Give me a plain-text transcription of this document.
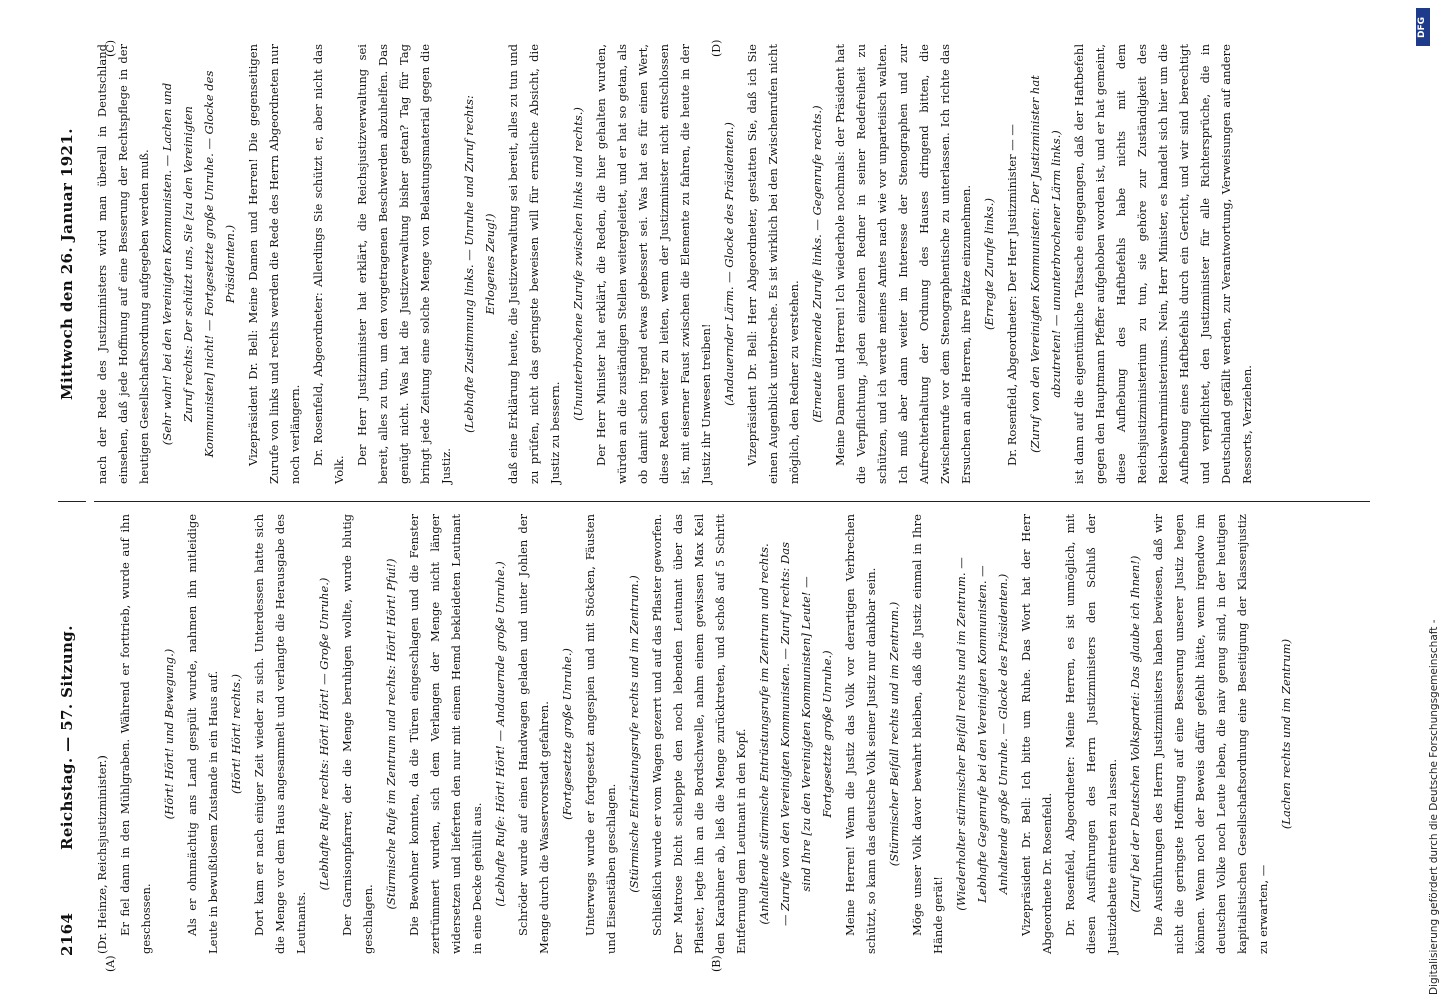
2164
Reichstag. — 57. Sitzung.
Mittwoch den 26. Januar 1921.
(A)	(B)
(C)	(D)

(Dr. Heinze, Reichsjustizminister.) Er fiel dann in den Mühlgraben. Während er forttrieb, wurde auf ihn geschossen.

(Hört! Hört! und Bewegung.) Als er ohnmächtig ans Land gespült wurde, nahmen ihn mitleidige Leute in bewußtlosem Zustande in ein Haus auf. (Hört! Hört! rechts.) Dort kam er nach einiger Zeit wieder zu sich. Unterdessen hatte sich die Menge vor dem Haus angesammelt und verlangte die Herausgabe des Leutnants.

(Lebhafte Rufe rechts: Hört! Hört! — Große Unruhe.) Der Garnisonpfarrer, der die Menge beruhigen wollte, wurde blutig geschlagen.

(Stürmische Rufe im Zentrum und rechts: Hört! Hört! Pfui!) Die Bewohner konnten, da die Türen eingeschlagen und die Fenster zertrümmert wurden, sich dem Verlangen der Menge nicht länger widersetzen und lieferten den nur mit einem Hemd bekleideten Leutnant in eine Decke gehüllt aus. (Lebhafte Rufe: Hört! Hört! — Andauernde große Unruhe.) Schröder wurde auf einen Handwagen geladen und unter Johlen der Menge durch die Wasservorstadt gefahren. (Fortgesetzte große Unruhe.) Unterwegs wurde er fortgesetzt angespien und mit Stöcken, Fäusten und Eisenstäben geschlagen. (Stürmische Entrüstungsrufe rechts und im Zentrum.) Schließlich wurde er vom Wagen gezerrt und auf das Pflaster geworfen. Der Matrose Dicht schleppte den noch lebenden Leutnant über das Pflaster, legte ihn an die Bordschwelle, nahm einem gewissen Max Keil den Karabiner ab, ließ die Menge zurücktreten, und schoß auf 5 Schritt Entfernung dem Leutnant in den Kopf. (Anhaltende stürmische Entrüstungsrufe im Zentrum und rechts. — Zurufe von den Vereinigten Kommunisten. — Zuruf rechts: Das sind Ihre [zu den Vereinigten Kommunisten] Leute! — Fortgesetzte große Unruhe.) Meine Herren! Wenn die Justiz das Volk vor derartigen Verbrechen schützt, so kann das deutsche Volk seiner Justiz nur dankbar sein. (Stürmischer Beifall rechts und im Zentrum.) Möge unser Volk davor bewahrt bleiben, daß die Justiz einmal in Ihre Hände gerät!

(Wiederholter stürmischer Beifall rechts und im Zentrum. — Lebhafte Gegenrufe bei den Vereinigten Kommunisten. — Anhaltende große Unruhe. — Glocke des Präsidenten.) Vizepräsident Dr. Bell: Ich bitte um Ruhe. Das Wort hat der Herr Abgeordnete Dr. Rosenfeld. Dr. Rosenfeld, Abgeordneter: Meine Herren, es ist unmöglich, mit diesen Ausführungen des Herrn Justizministers den Schluß der Justizdebatte eintreten zu lassen. (Zuruf bei der Deutschen Volkspartei: Das glaube ich Ihnen!) Die Ausführungen des Herrn Justizministers haben bewiesen, daß wir nicht die geringste Hoffnung auf eine Besserung unserer Justiz hegen können. Wenn noch der Beweis dafür gefehlt hätte, wenn irgendwo im deutschen Volke noch Leute leben, die naiv genug sind, in der heutigen kapitalistischen Gesellschaftsordnung eine Beseitigung der Klassenjustiz zu erwarten, —

(Lachen rechts und im Zentrum)

nach der Rede des Justizministers wird man überall in Deutschland einsehen, daß jede Hoffnung auf eine Besserung der Rechtspflege in der heutigen Gesellschaftsordnung aufgegeben werden muß. (Sehr wahr! bei den Vereinigten Kommunisten. — Lachen und Zuruf rechts: Der schützt uns, Sie [zu den Vereinigten Kommunisten] nicht! — Fortgesetzte große Unruhe. — Glocke des Präsidenten.) Vizepräsident Dr. Bell: Meine Damen und Herren! Die gegenseitigen Zurufe von links und rechts werden die Rede des Herrn Abgeordneten nur noch verlängern. Dr. Rosenfeld, Abgeordneter: Allerdings Sie schützt er, aber nicht das Volk.

Der Herr Justizminister hat erklärt, die Reichsjustizverwaltung sei bereit, alles zu tun, um den vorgetragenen Beschwerden abzuhelfen. Das genügt nicht. Was hat die Justizverwaltung bisher getan? Tag für Tag bringt jede Zeitung eine solche Menge von Belastungsmaterial gegen die Justiz.

(Lebhafte Zustimmung links. — Unruhe und Zuruf rechts: Erlogenes Zeug!) daß eine Erklärung heute, die Justizverwaltung sei bereit, alles zu tun und zu prüfen, nicht das geringste beweisen will für ernstliche Absicht, die Justiz zu bessern.

(Ununterbrochene Zurufe zwischen links und rechts.) Der Herr Minister hat erklärt, die Reden, die hier gehalten wurden, würden an die zuständigen Stellen weitergeleitet, und er hat so getan, als ob damit schon irgend etwas gebessert sei. Was hat es für einen Wert, diese Reden weiter zu leiten, wenn der Justizminister nicht entschlossen ist, mit eiserner Faust zwischen die Elemente zu fahren, die heute in der Justiz ihr Unwesen treiben! (Andauernder Lärm. — Glocke des Präsidenten.) Vizepräsident Dr. Bell: Herr Abgeordneter, gestatten Sie, daß ich Sie einen Augenblick unterbreche. Es ist wirklich bei den Zwischenrufen nicht möglich, den Redner zu verstehen. (Erneute lärmende Zurufe links. — Gegenrufe rechts.) Meine Damen und Herren! Ich wiederhole nochmals: der Präsident hat die Verpflichtung, jeden einzelnen Redner in seiner Redefreiheit zu schützen, und ich werde meines Amtes nach wie vor unparteiisch walten. Ich muß aber dann weiter im Interesse der Stenographen und zur Aufrechterhaltung der Ordnung des Hauses dringend bitten, die Zwischenrufe vor dem Stenographentische zu unterlassen. Ich richte das Ersuchen an alle Herren, ihre Plätze einzunehmen. (Erregte Zurufe links.) Dr. Rosenfeld, Abgeordneter: Der Herr Justizminister — — (Zuruf von den Vereinigten Kommunisten: Der Justizminister hat abzutreten! — ununterbrochener Lärm links.) ist dann auf die eigentümliche Tatsache eingegangen, daß der Haftbefehl gegen den Hauptmann Pfeffer aufgehoben worden ist, und er hat gemeint, diese Aufhebung des Haftbefehls habe nichts mit dem Reichsjustizministerium zu tun, sie gehöre zur Zuständigkeit des Reichswehrministeriums. Nein, Herr Minister, es handelt sich hier um die Aufhebung eines Haftbefehls durch ein Gericht, und wir sind berechtigt und verpflichtet, den Justizminister für alle Richtersprüche, die in Deutschland gefällt werden, zur Verantwortung, Verweisungen auf andere Ressorts, Verziehen.

Digitalisierung gefördert durch die Deutsche Forschungsgemeinschaft -
DFG
